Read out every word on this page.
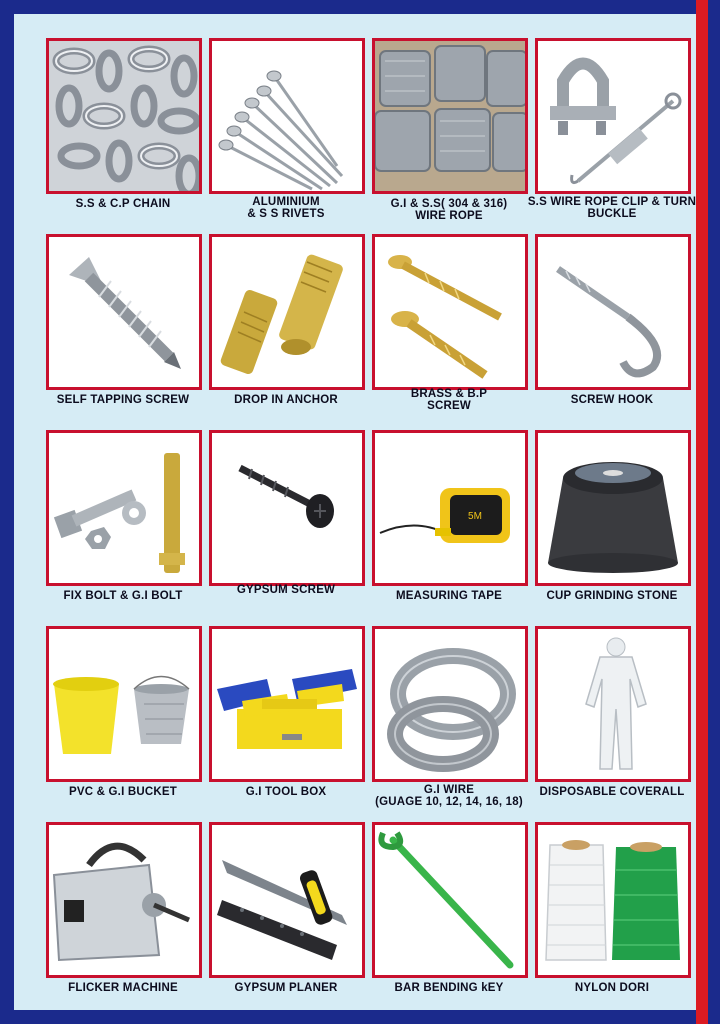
S.S & C.P CHAIN	ALUMINIUM
& S S RIVETS
G.I & S.S( 304 & 316)
WIRE ROPE
S.S WIRE ROPE CLIP & TURN
BUCKLE
SELF TAPPING SCREW	DROP IN ANCHOR	BRASS & B.P
SCREW	SCREW HOOK
FIX BOLT & G.I BOLT	GYPSUM SCREW
5M
MEASURING TAPE	CUP GRINDING STONE
PVC & G.I BUCKET	G.I TOOL BOX	G.I WIRE
(GUAGE 10, 12, 14, 16, 18)
DISPOSABLE COVERALL
FLICKER MACHINE	GYPSUM PLANER	BAR BENDING kEY	NYLON DORI
